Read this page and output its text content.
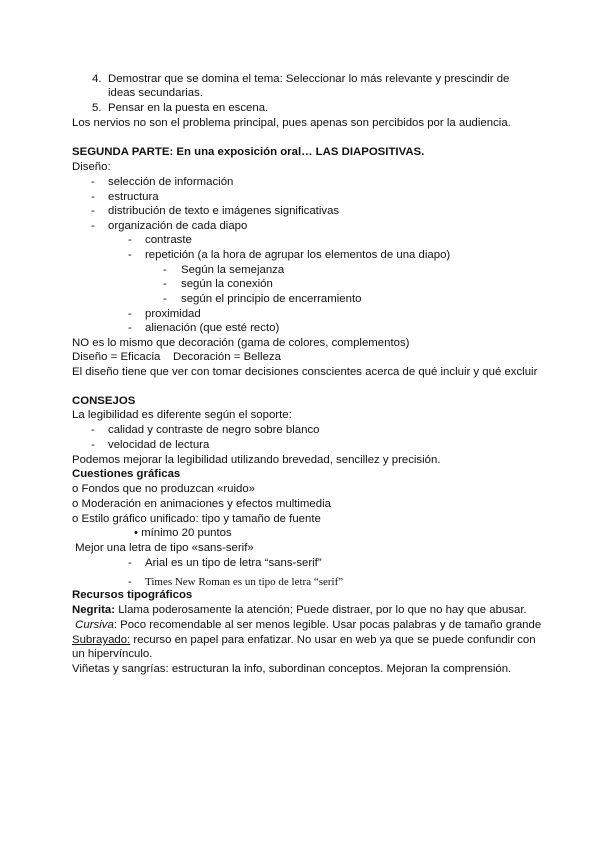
4. Demostrar que se domina el tema: Seleccionar lo más relevante y prescindir de
ideas secundarias.
5. Pensar en la puesta en escena.
Los nervios no son el problema principal, pues apenas son percibidos por la audiencia.
SEGUNDA PARTE: En una exposición oral… LAS DIAPOSITIVAS.
Diseño:
- selección de información
- estructura
- distribución de texto e imágenes significativas
- organización de cada diapo
- contraste
- repetición (a la hora de agrupar los elementos de una diapo)
- Según la semejanza
- según la conexión
- según el principio de encerramiento
- proximidad
- alienación (que esté recto)
NO es lo mismo que decoración (gama de colores, complementos)
Diseño = Eficacia    Decoración = Belleza
El diseño tiene que ver con tomar decisiones conscientes acerca de qué incluir y qué excluir
CONSEJOS
La legibilidad es diferente según el soporte:
- calidad y contraste de negro sobre blanco
- velocidad de lectura
Podemos mejorar la legibilidad utilizando brevedad, sencillez y precisión.
Cuestiones gráficas
o Fondos que no produzcan «ruido»
o Moderación en animaciones y efectos multimedia
o Estilo gráfico unificado: tipo y tamaño de fuente
• mínimo 20 puntos
Mejor una letra de tipo «sans-serif»
- Arial es un tipo de letra “sans-serif”
- Times New Roman es un tipo de letra “serif”
Recursos tipográficos
Negrita: Llama poderosamente la atención; Puede distraer, por lo que no hay que abusar.
Cursiva: Poco recomendable al ser menos legible. Usar pocas palabras y de tamaño grande
Subrayado: recurso en papel para enfatizar. No usar en web ya que se puede confundir con
un hipervínculo.
Viñetas y sangrías: estructuran la info, subordinan conceptos. Mejoran la comprensión.
